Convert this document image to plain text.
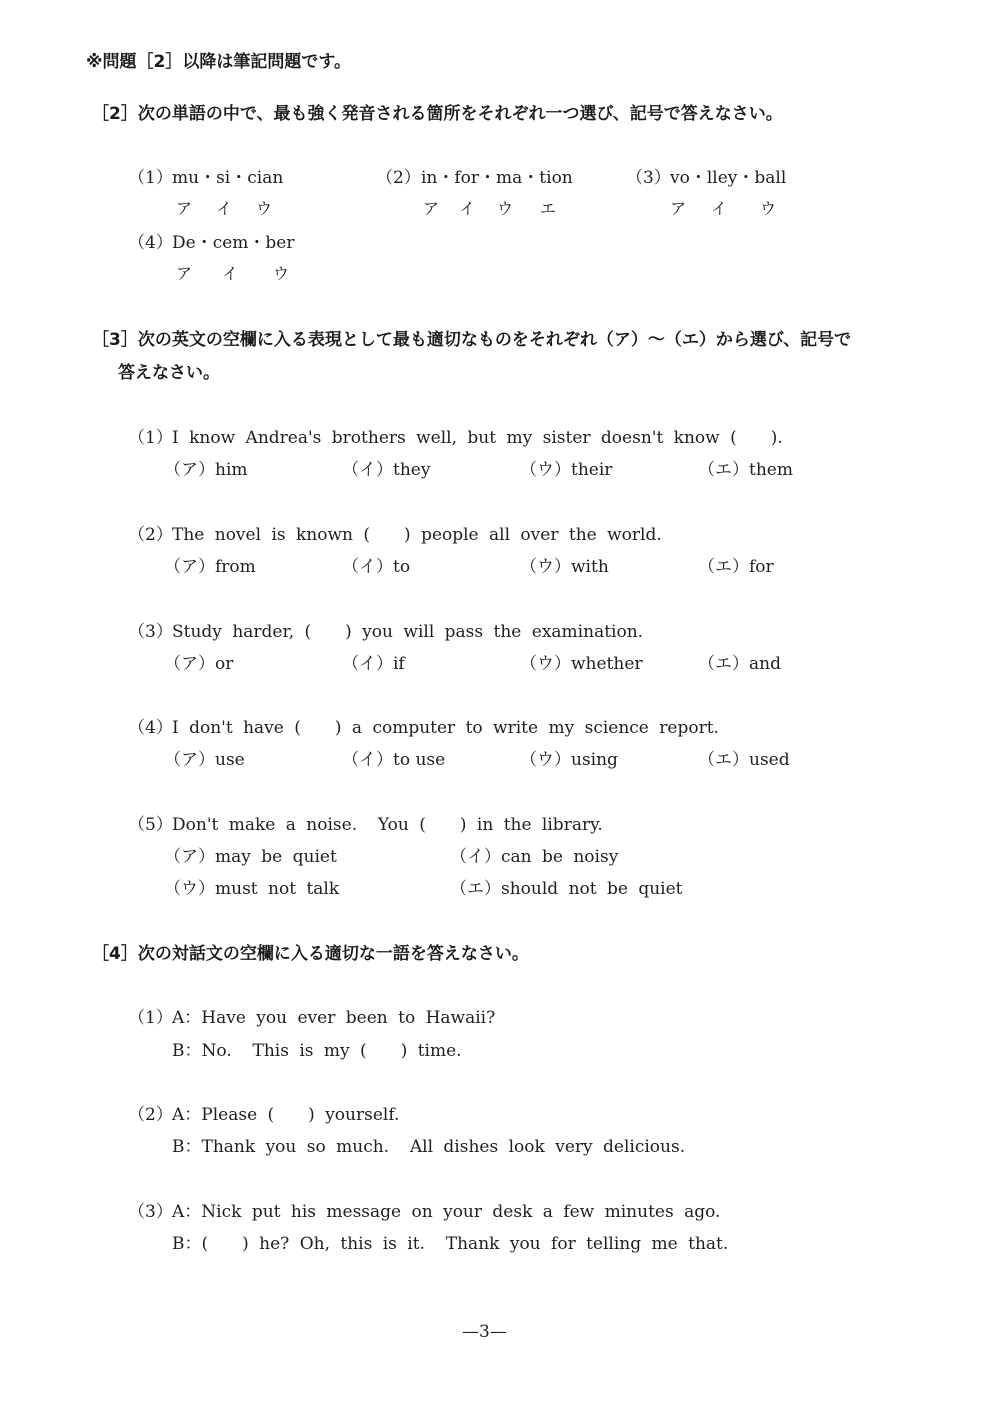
※問題［2］以降は筆記問題です。
［2］次の単語の中で、最も強く発音される箇所をそれぞれ一つ選び、記号で答えなさい。
（1） mu・si・cian
ア イ ウ
（2） in・for・ma・tion
ア イ ウ エ
（3） vo・lley・ball
ア イ ウ
（4） De・cem・ber
ア イ ウ
［3］次の英文の空欄に入る表現として最も適切なものをそれぞれ（ア）〜（エ）から選び、記号で
答えなさい。
（1） I know Andrea's brothers well, but my sister doesn't know (　　).
（ア）him	（イ）they	（ウ）their	（エ）them
（2） The novel is known (　　) people all over the world.
（ア）from	（イ）to	（ウ）with	（エ）for
（3） Study harder, (　　) you will pass the examination.
（ア）or	（イ）if	（ウ）whether	（エ）and
（4） I don't have (　　) a computer to write my science report.
（ア）use	（イ）to use	（ウ）using	（エ）used
（5） Don't make a noise.  You (　　) in the library.
（ア）may be quiet	（イ）can be noisy
（ウ）must not talk	（エ）should not be quiet
［4］次の対話文の空欄に入る適切な一語を答えなさい。
（1） A：Have you ever been to Hawaii?
B：No.  This is my (　　) time.
（2） A：Please (　　) yourself.
B：Thank you so much.  All dishes look very delicious.
（3） A：Nick put his message on your desk a few minutes ago.
B：(　　) he? Oh, this is it.  Thank you for telling me that.
—3—
